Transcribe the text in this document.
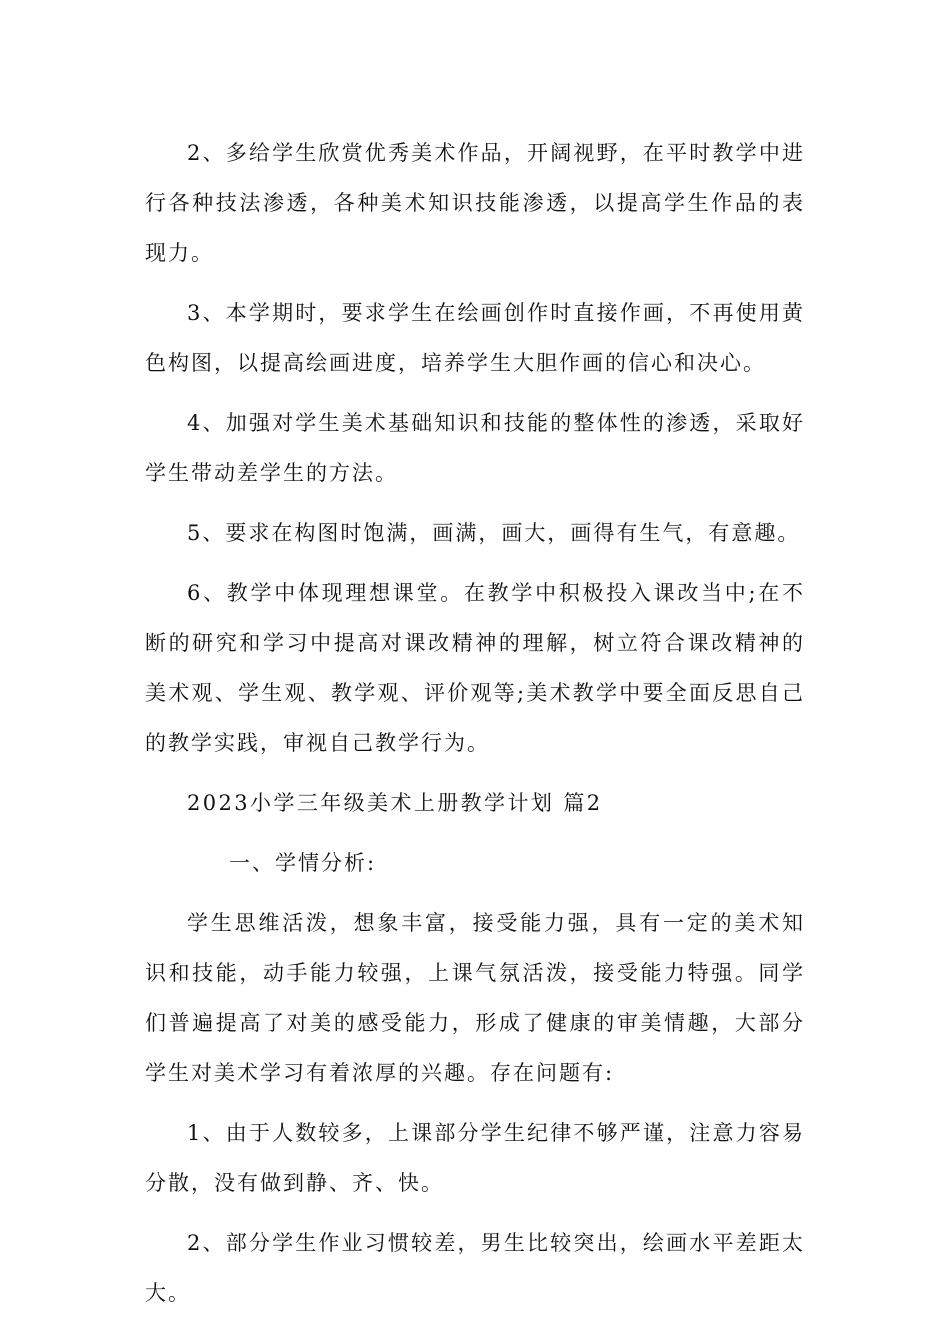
2、多给学生欣赏优秀美术作品，开阔视野，在平时教学中进行各种技法渗透，各种美术知识技能渗透，以提高学生作品的表现力。

3、本学期时，要求学生在绘画创作时直接作画，不再使用黄色构图，以提高绘画进度，培养学生大胆作画的信心和决心。

4、加强对学生美术基础知识和技能的整体性的渗透，采取好学生带动差学生的方法。

5、要求在构图时饱满，画满，画大，画得有生气，有意趣。

6、教学中体现理想课堂。在教学中积极投入课改当中;在不断的研究和学习中提高对课改精神的理解，树立符合课改精神的美术观、学生观、教学观、评价观等;美术教学中要全面反思自己的教学实践，审视自己教学行为。

2023小学三年级美术上册教学计划 篇2

一、学情分析:

学生思维活泼，想象丰富，接受能力强，具有一定的美术知识和技能，动手能力较强，上课气氛活泼，接受能力特强。同学们普遍提高了对美的感受能力，形成了健康的审美情趣，大部分学生对美术学习有着浓厚的兴趣。存在问题有:

1、由于人数较多，上课部分学生纪律不够严谨，注意力容易分散，没有做到静、齐、快。

2、部分学生作业习惯较差，男生比较突出，绘画水平差距太大。
